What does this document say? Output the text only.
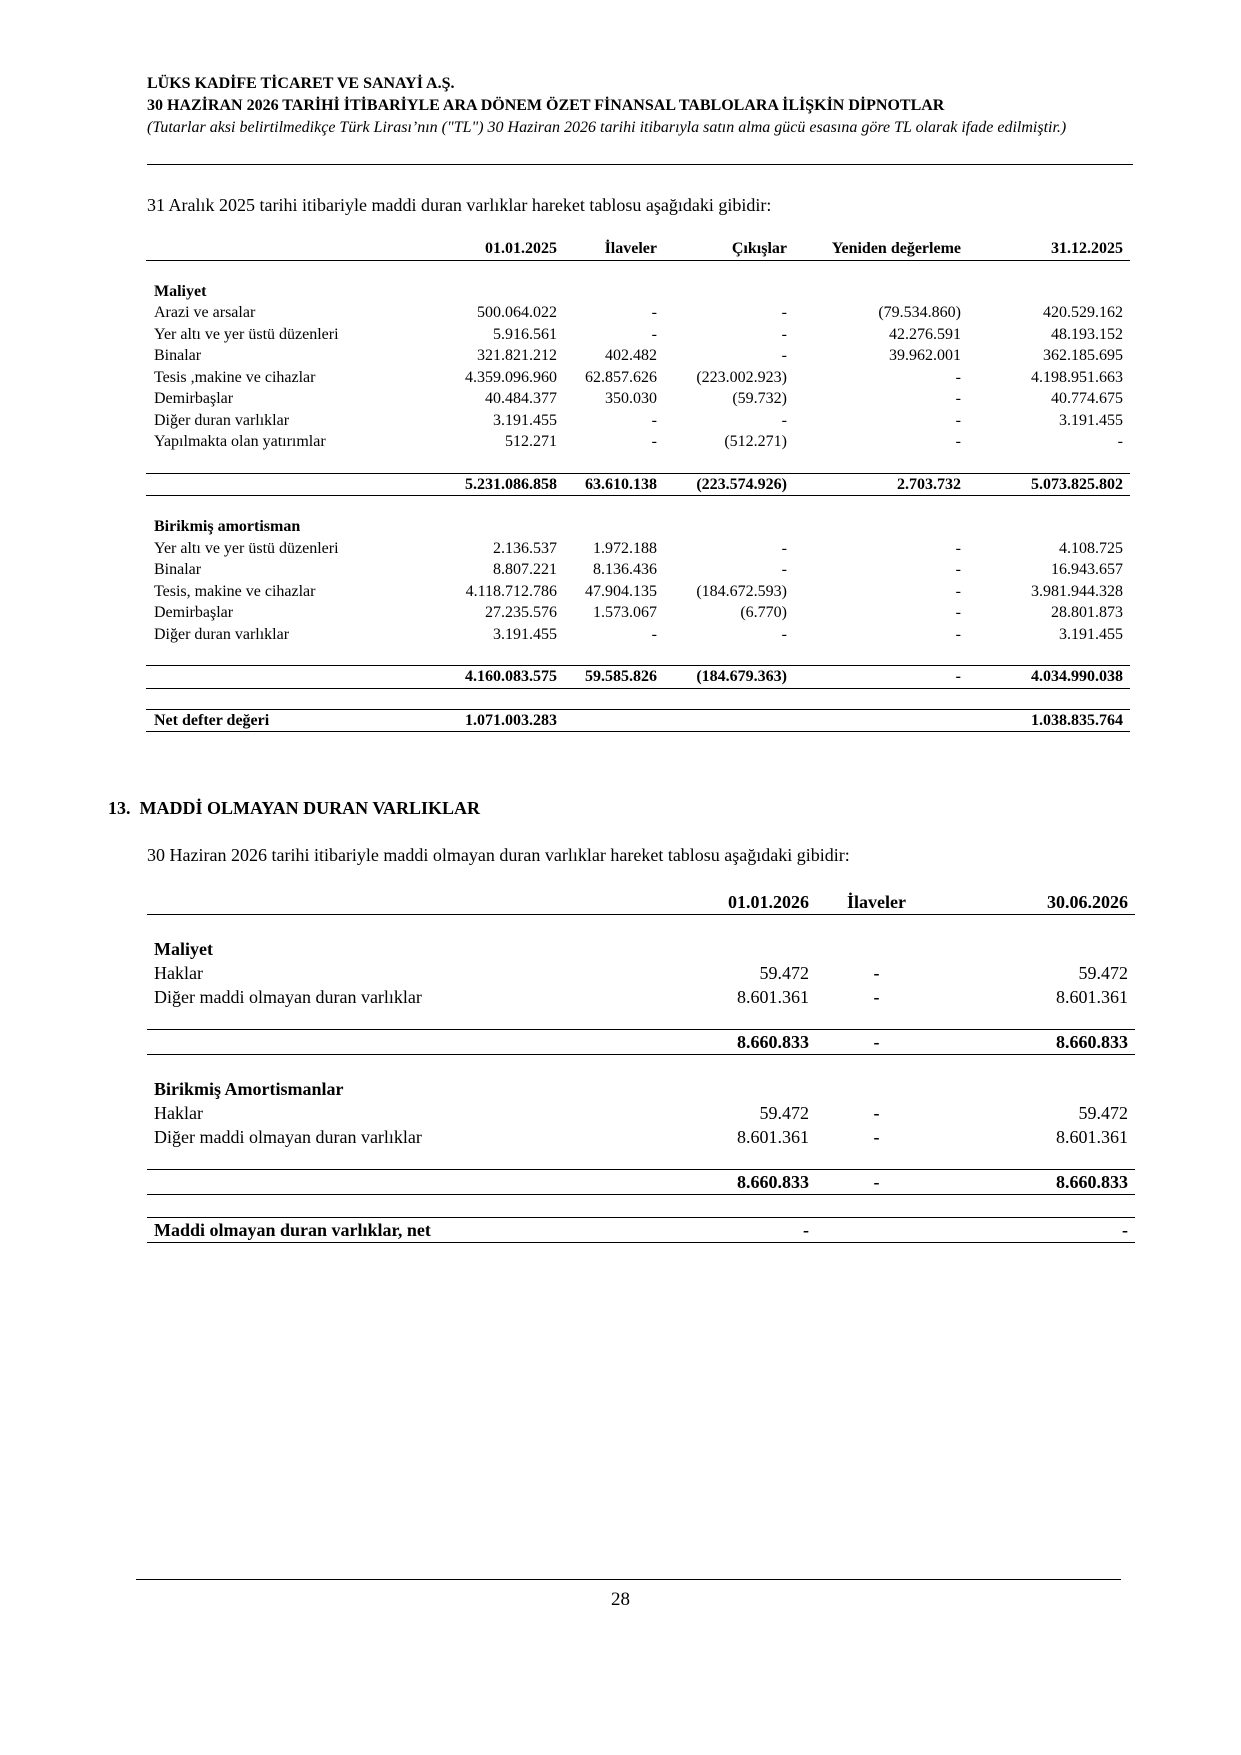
LÜKS KADİFE TİCARET VE SANAYİ A.Ş.
30 HAZİRAN 2026 TARİHİ İTİBARİYLE ARA DÖNEM ÖZET FİNANSAL TABLOLARA İLİŞKİN DİPNOTLAR
(Tutarlar aksi belirtilmedikçe Türk Lirası’nın ("TL") 30 Haziran 2026 tarihi itibarıyla satın alma gücü esasına göre TL olarak ifade edilmiştir.)
31 Aralık 2025 tarihi itibariyle maddi duran varlıklar hareket tablosu aşağıdaki gibidir:
	01.01.2025	İlaveler	Çıkışlar	Yeniden değerleme	31.12.2025

Maliyet					
Arazi ve arsalar	500.064.022	-	-	(79.534.860)	420.529.162
Yer altı ve yer üstü düzenleri	5.916.561	-	-	42.276.591	48.193.152
Binalar	321.821.212	402.482	-	39.962.001	362.185.695
Tesis ,makine ve cihazlar	4.359.096.960	62.857.626	(223.002.923)	-	4.198.951.663
Demirbaşlar	40.484.377	350.030	(59.732)	-	40.774.675
Diğer duran varlıklar	3.191.455	-	-	-	3.191.455
Yapılmakta olan yatırımlar	512.271	-	(512.271)	-	-

	5.231.086.858	63.610.138	(223.574.926)	2.703.732	5.073.825.802

Birikmiş amortisman					
Yer altı ve yer üstü düzenleri	2.136.537	1.972.188	-	-	4.108.725
Binalar	8.807.221	8.136.436	-	-	16.943.657
Tesis, makine ve cihazlar	4.118.712.786	47.904.135	(184.672.593)	-	3.981.944.328
Demirbaşlar	27.235.576	1.573.067	(6.770)	-	28.801.873
Diğer duran varlıklar	3.191.455	-	-	-	3.191.455

	4.160.083.575	59.585.826	(184.679.363)	-	4.034.990.038

Net defter değeri	1.071.003.283				1.038.835.764
13. MADDİ OLMAYAN DURAN VARLIKLAR
30 Haziran 2026 tarihi itibariyle maddi olmayan duran varlıklar hareket tablosu aşağıdaki gibidir:
	01.01.2026	İlaveler	30.06.2026

Maliyet			
Haklar	59.472	-	59.472
Diğer maddi olmayan duran varlıklar	8.601.361	-	8.601.361

	8.660.833	-	8.660.833

Birikmiş Amortismanlar			
Haklar	59.472	-	59.472
Diğer maddi olmayan duran varlıklar	8.601.361	-	8.601.361

	8.660.833	-	8.660.833

Maddi olmayan duran varlıklar, net	-		-
28
